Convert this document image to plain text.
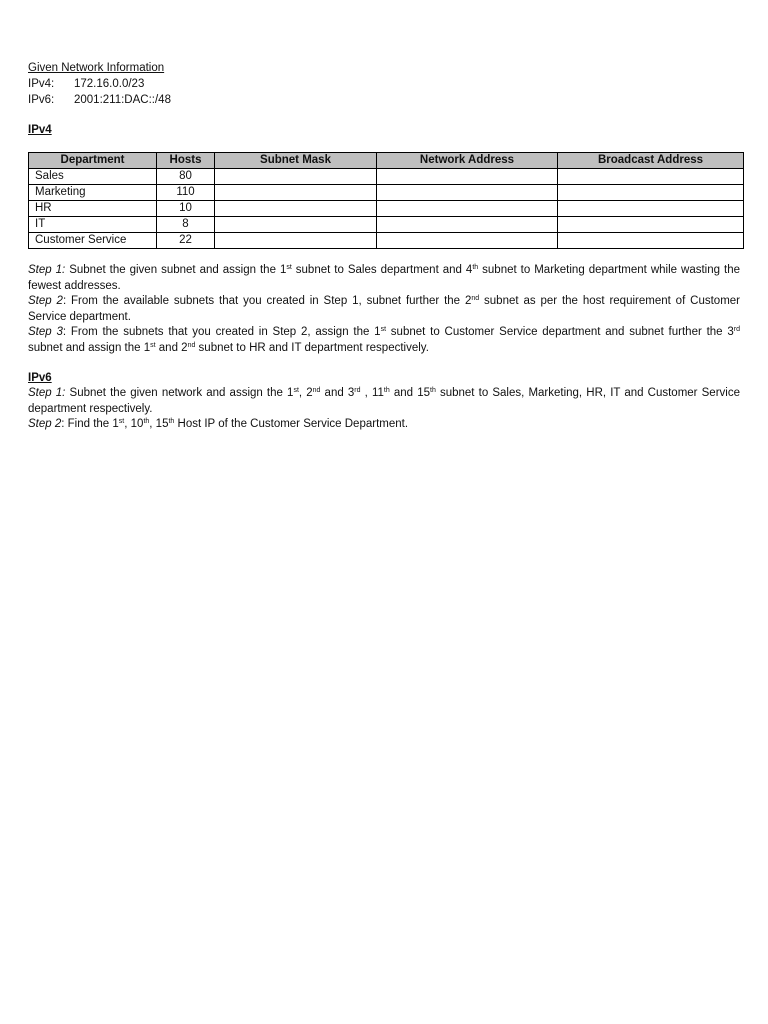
Given Network Information
IPv4: 172.16.0.0/23
IPv6: 2001:211:DAC::/48
IPv4
Department	Hosts	Subnet Mask	Network Address	Broadcast Address
Sales	80			
Marketing	110			
HR	10			
IT	8			
Customer Service	22			
Step 1: Subnet the given subnet and assign the 1st subnet to Sales department and 4th subnet to Marketing department while wasting the fewest addresses.
Step 2: From the available subnets that you created in Step 1, subnet further the 2nd subnet as per the host requirement of Customer Service department.
Step 3: From the subnets that you created in Step 2, assign the 1st subnet to Customer Service department and subnet further the 3rd subnet and assign the 1st and 2nd subnet to HR and IT department respectively.
IPv6
Step 1: Subnet the given network and assign the 1st, 2nd and 3rd , 11th and 15th subnet to Sales, Marketing, HR, IT and Customer Service department respectively.
Step 2: Find the 1st, 10th, 15th Host IP of the Customer Service Department.
